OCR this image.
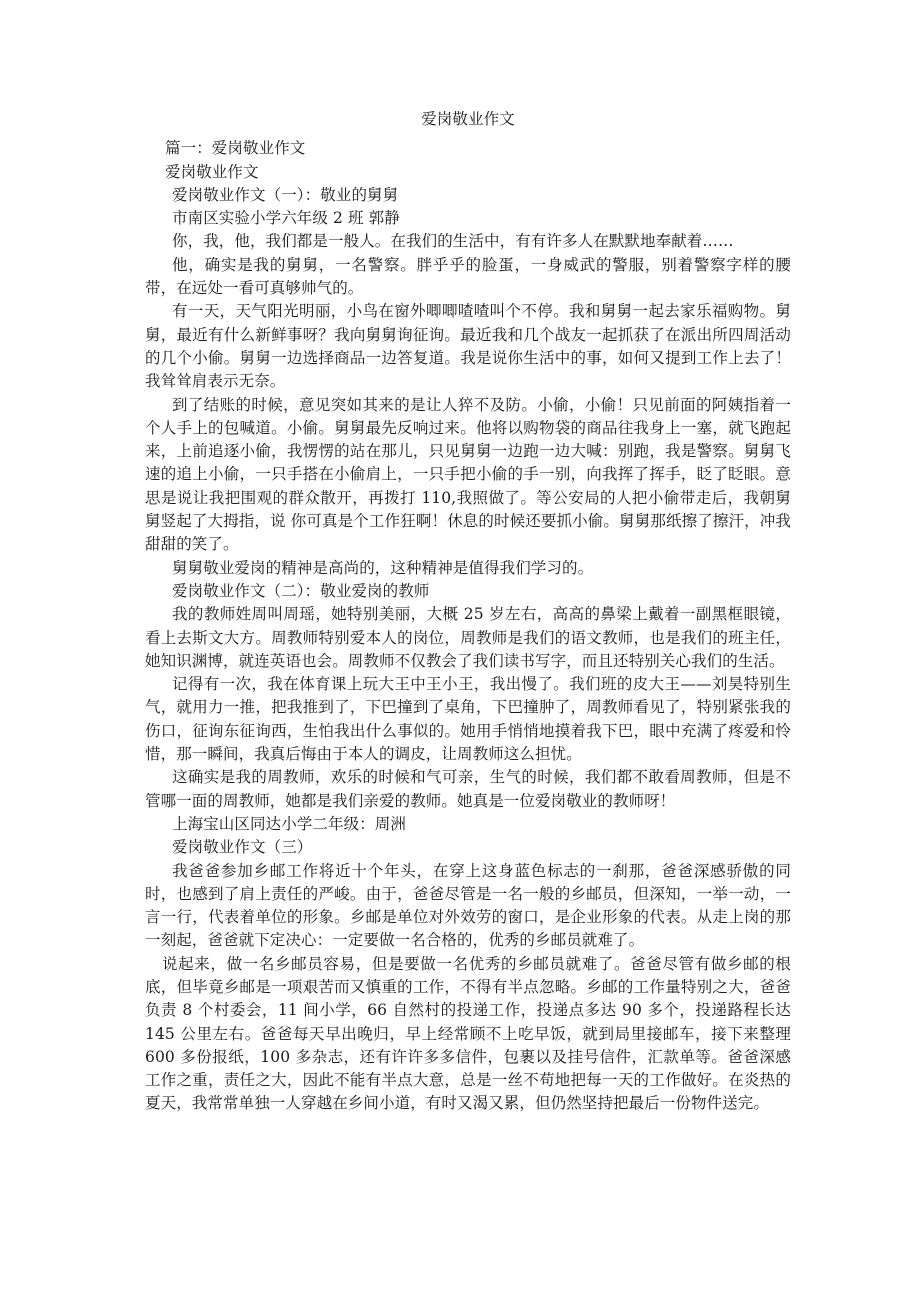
爱岗敬业作文

篇一：爱岗敬业作文

爱岗敬业作文

爱岗敬业作文（一）：敬业的舅舅

市南区实验小学六年级 2 班 郭静

你，我，他，我们都是一般人。在我们的生活中，有有许多人在默默地奉献着……

他，确实是我的舅舅，一名警察。胖乎乎的脸蛋，一身威武的警服，别着警察字样的腰带，在远处一看可真够帅气的。

有一天，天气阳光明丽，小鸟在窗外唧唧喳喳叫个不停。我和舅舅一起去家乐福购物。舅舅，最近有什么新鲜事呀？我向舅舅询征询。最近我和几个战友一起抓获了在派出所四周活动的几个小偷。舅舅一边选择商品一边答复道。我是说你生活中的事，如何又提到工作上去了！我耸耸肩表示无奈。

到了结账的时候，意见突如其来的是让人猝不及防。小偷，小偷！只见前面的阿姨指着一个人手上的包喊道。小偷。舅舅最先反响过来。他将以购物袋的商品往我身上一塞，就飞跑起来，上前追逐小偷，我愣愣的站在那儿，只见舅舅一边跑一边大喊：别跑，我是警察。舅舅飞速的追上小偷，一只手搭在小偷肩上，一只手把小偷的手一别，向我挥了挥手，眨了眨眼。意思是说让我把围观的群众散开，再拨打 110,我照做了。等公安局的人把小偷带走后，我朝舅舅竖起了大拇指，说 你可真是个工作狂啊！休息的时候还要抓小偷。舅舅那纸擦了擦汗，冲我甜甜的笑了。

舅舅敬业爱岗的精神是高尚的，这种精神是值得我们学习的。

爱岗敬业作文（二）：敬业爱岗的教师

我的教师姓周叫周瑶，她特别美丽，大概 25 岁左右，高高的鼻梁上戴着一副黑框眼镜，看上去斯文大方。周教师特别爱本人的岗位，周教师是我们的语文教师，也是我们的班主任，她知识渊博，就连英语也会。周教师不仅教会了我们读书写字，而且还特别关心我们的生活。

记得有一次，我在体育课上玩大王中王小王，我出慢了。我们班的皮大王——刘昊特别生气，就用力一推，把我推到了，下巴撞到了桌角，下巴撞肿了，周教师看见了，特别紧张我的伤口，征询东征询西，生怕我出什么事似的。她用手悄悄地摸着我下巴，眼中充满了疼爱和怜惜，那一瞬间，我真后悔由于本人的调皮，让周教师这么担忧。

这确实是我的周教师，欢乐的时候和气可亲，生气的时候，我们都不敢看周教师，但是不管哪一面的周教师，她都是我们亲爱的教师。她真是一位爱岗敬业的教师呀！

上海宝山区同达小学二年级：周洲

爱岗敬业作文（三）

我爸爸参加乡邮工作将近十个年头，在穿上这身蓝色标志的一刹那，爸爸深感骄傲的同时，也感到了肩上责任的严峻。由于，爸爸尽管是一名一般的乡邮员，但深知，一举一动，一言一行，代表着单位的形象。乡邮是单位对外效劳的窗口，是企业形象的代表。从走上岗的那一刻起，爸爸就下定决心：一定要做一名合格的，优秀的乡邮员就难了。

说起来，做一名乡邮员容易，但是要做一名优秀的乡邮员就难了。爸爸尽管有做乡邮的根底，但毕竟乡邮是一项艰苦而又慎重的工作，不得有半点忽略。乡邮的工作量特别之大，爸爸负责 8 个村委会，11 间小学，66 自然村的投递工作，投递点多达 90 多个，投递路程长达 145 公里左右。爸爸每天早出晚归，早上经常顾不上吃早饭，就到局里接邮车，接下来整理 600 多份报纸，100 多杂志，还有许许多多信件，包裹以及挂号信件，汇款单等。爸爸深感工作之重，责任之大，因此不能有半点大意，总是一丝不苟地把每一天的工作做好。在炎热的夏天，我常常单独一人穿越在乡间小道，有时又渴又累，但仍然坚持把最后一份物件送完。
